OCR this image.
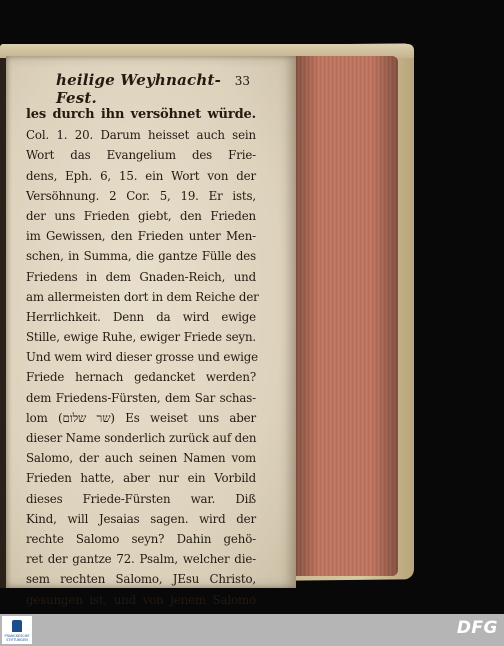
heilige Weyhnacht-Fest.
33
les durch ihn versöhnet würde.
Col. 1. 20. Darum heisset auch sein
Wort das Evangelium des Frie-
dens, Eph. 6, 15. ein Wort von der
Versöhnung. 2 Cor. 5, 19. Er ists,
der uns Frieden giebt, den Frieden
im Gewissen, den Frieden unter Men-
schen, in Summa, die gantze Fülle des
Friedens in dem Gnaden-Reich, und
am allermeisten dort in dem Reiche der
Herrlichkeit. Denn da wird ewige
Stille, ewige Ruhe, ewiger Friede seyn.
Und wem wird dieser grosse und ewige
Friede hernach gedancket werden?
dem Friedens-Fürsten, dem Sar schas-
lom (שר שלום) Es weiset uns aber
dieser Name sonderlich zurück auf den
Salomo, der auch seinen Namen vom
Frieden hatte, aber nur ein Vorbild
dieses Friede-Fürsten war. Diß
Kind, will Jesaias sagen. wird der
rechte Salomo seyn? Dahin gehö-
ret der gantze 72. Psalm, welcher die-
sem rechten Salomo, JEsu Christo,
gesungen ist, und von jenem Salomo
FRANCKESCHE STIFTUNGEN
DFG
